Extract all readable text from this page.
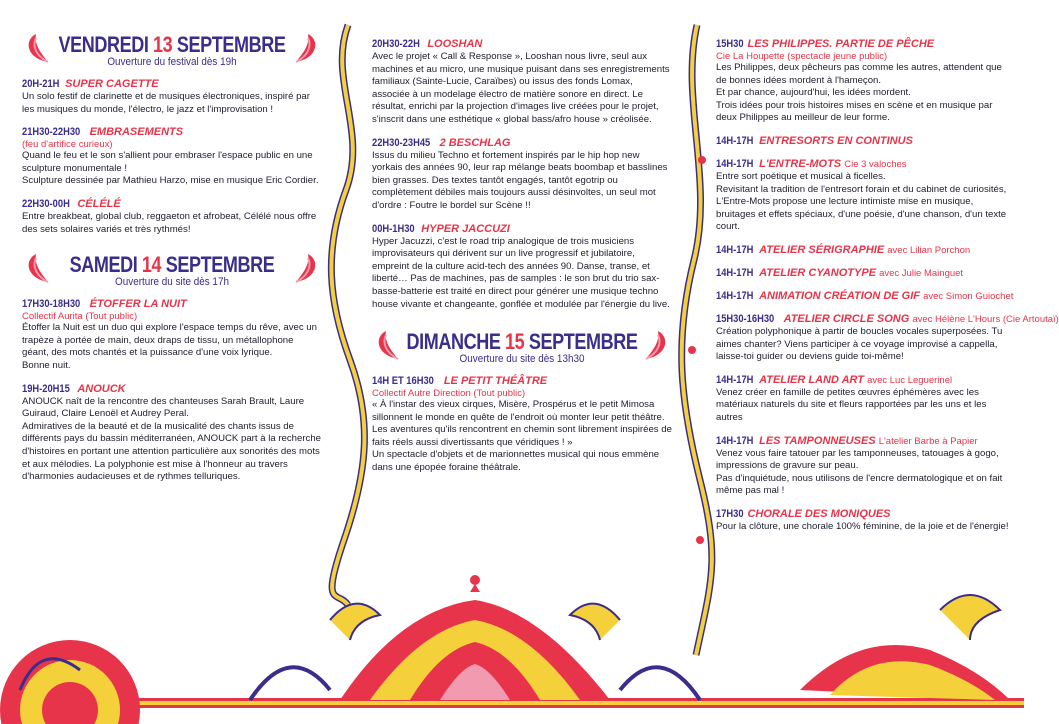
VENDREDI 13 SEPTEMBRE
Ouverture du festival dès 19h
20H-21H SUPER CAGETTE

Un solo festif de clarinette et de musiques électroniques, inspiré par les musiques du monde, l'électro, le jazz et l'improvisation !

21H30-22H30 EMBRASEMENTS
(feu d'artifice curieux)

Quand le feu et le son s'allient pour embraser l'espace public en une sculpture monumentale !

Sculpture dessinée par Mathieu Harzo, mise en musique Eric Cordier.

22H30-00H CÉLÉLÉ

Entre breakbeat, global club, reggaeton et afrobeat, Célélé nous offre des sets solaires variés et très rythmés!

SAMEDI 14 SEPTEMBRE
Ouverture du site dès 17h
17H30-18H30 ÉTOFFER LA NUIT
Collectif Aurita (Tout public)

Étoffer la Nuit est un duo qui explore l'espace temps du rêve, avec un trapèze à portée de main, deux draps de tissu, un métallophone géant, des mots chantés et la puissance d'une voix lyrique.

Bonne nuit.

19H-20H15 ANOUCK

ANOUCK naît de la rencontre des chanteuses Sarah Brault, Laure Guiraud, Claire Lenoël et Audrey Peral.

Admiratives de la beauté et de la musicalité des chants issus de différents pays du bassin méditerranéen, ANOUCK part à la recherche d'histoires en portant une attention particulière aux sonorités des mots et aux mélodies. La polyphonie est mise à l'honneur au travers d'harmonies audacieuses et de rythmes telluriques.

20H30-22H LOOSHAN

Avec le projet « Call & Response », Looshan nous livre, seul aux machines et au micro, une musique puisant dans ses enregistrements familiaux (Sainte-Lucie, Caraïbes) ou issus des fonds Lomax, associée à un modelage électro de matière sonore en direct. Le résultat, enrichi par la projection d'images live créées pour le projet, s'inscrit dans une esthétique « global bass/afro house » créolisée.

22H30-23H45 2 BESCHLAG

Issus du milieu Techno et fortement inspirés par le hip hop new yorkais des années 90, leur rap mélange beats boombap et basslines bien grasses. Des textes tantôt engagés, tantôt egotrip ou complètement débiles mais toujours aussi désinvoltes, un seul mot d'ordre : Foutre le bordel sur Scène !!

00H-1H30 HYPER JACCUZI

Hyper Jacuzzi, c'est le road trip analogique de trois musiciens improvisateurs qui dérivent sur un live progressif et jubilatoire, empreint de la culture acid-tech des années 90. Danse, transe, et liberté… Pas de machines, pas de samples : le son brut du trio sax-basse-batterie est traité en direct pour générer une musique techno house vivante et changeante, gonflée et modulée par l'énergie du live.

DIMANCHE 15 SEPTEMBRE
Ouverture du site dès 13h30
14H ET 16H30 LE PETIT THÉÂTRE
Collectif Autre Direction (Tout public)

« À l'instar des vieux cirques, Misère, Prospérus et le petit Mimosa sillonnent le monde en quête de l'endroit où monter leur petit théâtre. Les aventures qu'ils rencontrent en chemin sont librement inspirées de faits réels aussi divertissants que véridiques ! »

Un spectacle d'objets et de marionnettes musical qui nous emmène dans une épopée foraine théâtrale.

15H30 LES PHILIPPES. PARTIE DE PÊCHE
Cie La Houpette (spectacle jeune public)

Les Philippes, deux pêcheurs pas comme les autres, attendent que de bonnes idées mordent à l'hameçon.

Et par chance, aujourd'hui, les idées mordent.

Trois idées pour trois histoires mises en scène et en musique par deux Philippes au meilleur de leur forme.

14H-17H ENTRESORTS EN CONTINUS
14H-17H L'ENTRE-MOTS Cie 3 valoches

Entre sort poétique et musical à ficelles.

Revisitant la tradition de l'entresort forain et du cabinet de curiosités, L'Entre-Mots propose une lecture intimiste mise en musique, bruitages et effets spéciaux, d'une poésie, d'une chanson, d'un texte court.

14H-17H ATELIER SÉRIGRAPHIE avec Lilian Porchon
14H-17H ATELIER CYANOTYPE avec Julie Mainguet
14H-17H ANIMATION CRÉATION DE GIF avec Simon Guiochet
15H30-16H30 ATELIER CIRCLE SONG avec Hélène L'Hours (Cie Artoutaï)

Création polyphonique à partir de boucles vocales superposées. Tu aimes chanter? Viens participer à ce voyage improvisé a cappella, laisse-toi guider ou deviens guide toi-même!

14H-17H ATELIER LAND ART avec Luc Leguerinel

Venez créer en famille de petites œuvres éphémères avec les matériaux naturels du site et fleurs rapportées par les uns et les autres

14H-17H LES TAMPONNEUSES L'atelier Barbe à Papier

Venez vous faire tatouer par les tamponneuses, tatouages à gogo, impressions de gravure sur peau.

Pas d'inquiétude, nous utilisons de l'encre dermatologique et on fait même pas mal !

17H30 CHORALE DES MONIQUES

Pour la clôture, une chorale 100% féminine, de la joie et de l'énergie!
